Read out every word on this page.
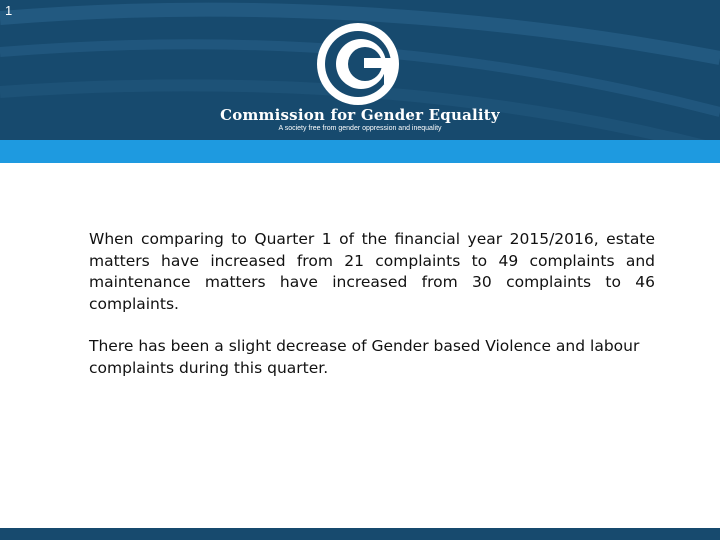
1
Commission for Gender Equality
A society free from gender oppression and inequality

When comparing to Quarter 1 of the financial year 2015/2016, estate matters have increased from 21 complaints to 49 complaints and maintenance matters have increased from 30 complaints to 46 complaints.

There has been a slight decrease of Gender based Violence and labour complaints during this quarter.
